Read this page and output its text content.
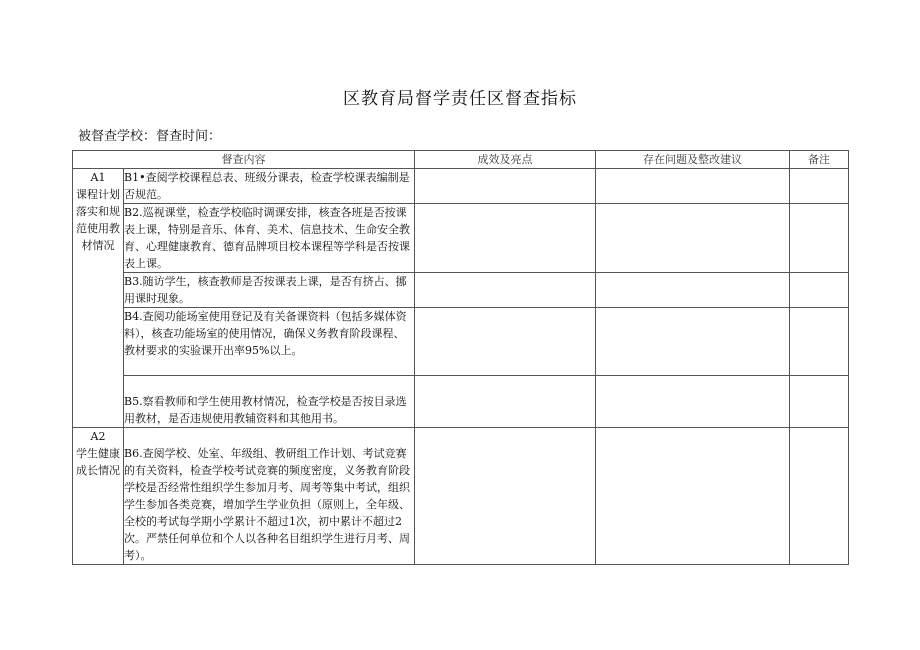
区教育局督学责任区督查指标
被督查学校：督查时间：
督查内容		成效及亮点	存在问题及整改建议	备注

A1
课程计划落实和规范使用教材情况	B1•查阅学校课程总表、班级分课表，检查学校课表编制是否规范。			
	B2.巡视课堂，检查学校临时调课安排，核查各班是否按课表上课，特别是音乐、体育、美术、信息技术、生命安全教育、心理健康教育、德育品牌项目校本课程等学科是否按课表上课。			
	B3.随访学生，核查教师是否按课表上课，是否有挤占、挪用课时现象。			
	B4.查阅功能场室使用登记及有关备课资料（包括多媒体资料），核查功能场室的使用情况，确保义务教育阶段课程、教材要求的实验课开出率95%以上。			
	B5.察看教师和学生使用教材情况，检查学校是否按目录选用教材，是否违规使用教辅资料和其他用书。			

A2
学生健康成长情况	B6.查阅学校、处室、年级组、教研组工作计划、考试竞赛的有关资料，检查学校考试竞赛的频度密度，义务教育阶段学校是否经常性组织学生参加月考、周考等集中考试，组织学生参加各类竞赛，增加学生学业负担（原则上，全年级、全校的考试每学期小学累计不超过1次，初中累计不超过2次。严禁任何单位和个人以各种名目组织学生进行月考、周考）。			
